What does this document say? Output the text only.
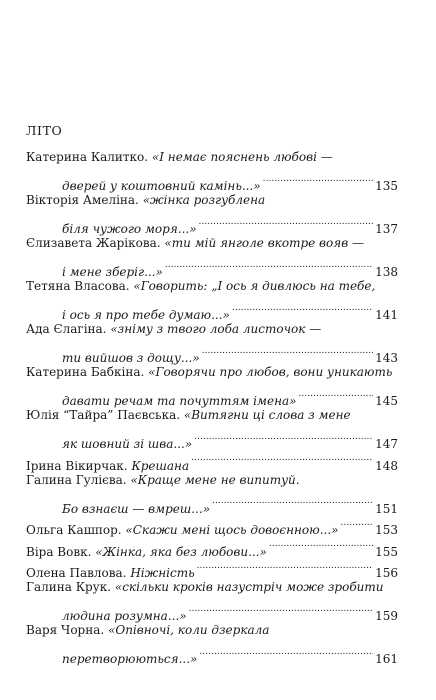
ЛІТО
Катерина Калитко.
«І немає пояснень любові —
дверей у коштовний камінь...» . . .	135
Вікторія Амеліна.
«жінка розгублена
біля чужого моря...» . . .	137
Єлизавета Жарікова.
«ти мій янголе вкотре вояв —
і мене зберіг...» . . .	138
Тетяна Власова.
«Говорить: „І ось я дивлюсь на тебе,
і ось я про тебе думаю...» . . .	141
Ада Єлагіна.
«зніму з твого лоба листочок —
ти вийшов з дощу...» . . .	143
Катерина Бабкіна.
«Говорячи про любов, вони уникають
давати речам та почуттям імена» . . .	145
Юлія “Тайра” Паєвська.
«Витягни ці слова з мене
як шовний зі шва...» . . .	147
Ірина Вікирчак.
Крешана . . .	148
Галина Гулієва.
«Краще мене не випитуй.
Бо взнаєш — вмреш...» . . .	151
Ольга Кашпор.
«Скажи мені щось довоєнною...» . . .	153
Віра Вовк.
«Жінка, яка без любови...» . . .	155
Олена Павлова.
Ніжність . . .	156
Галина Крук.
«скільки кроків назустріч може зробити
людина розумна...» . . .	159
Варя Чорна.
«Опівночі, коли дзеркала
перетворюються...» . . .	161
